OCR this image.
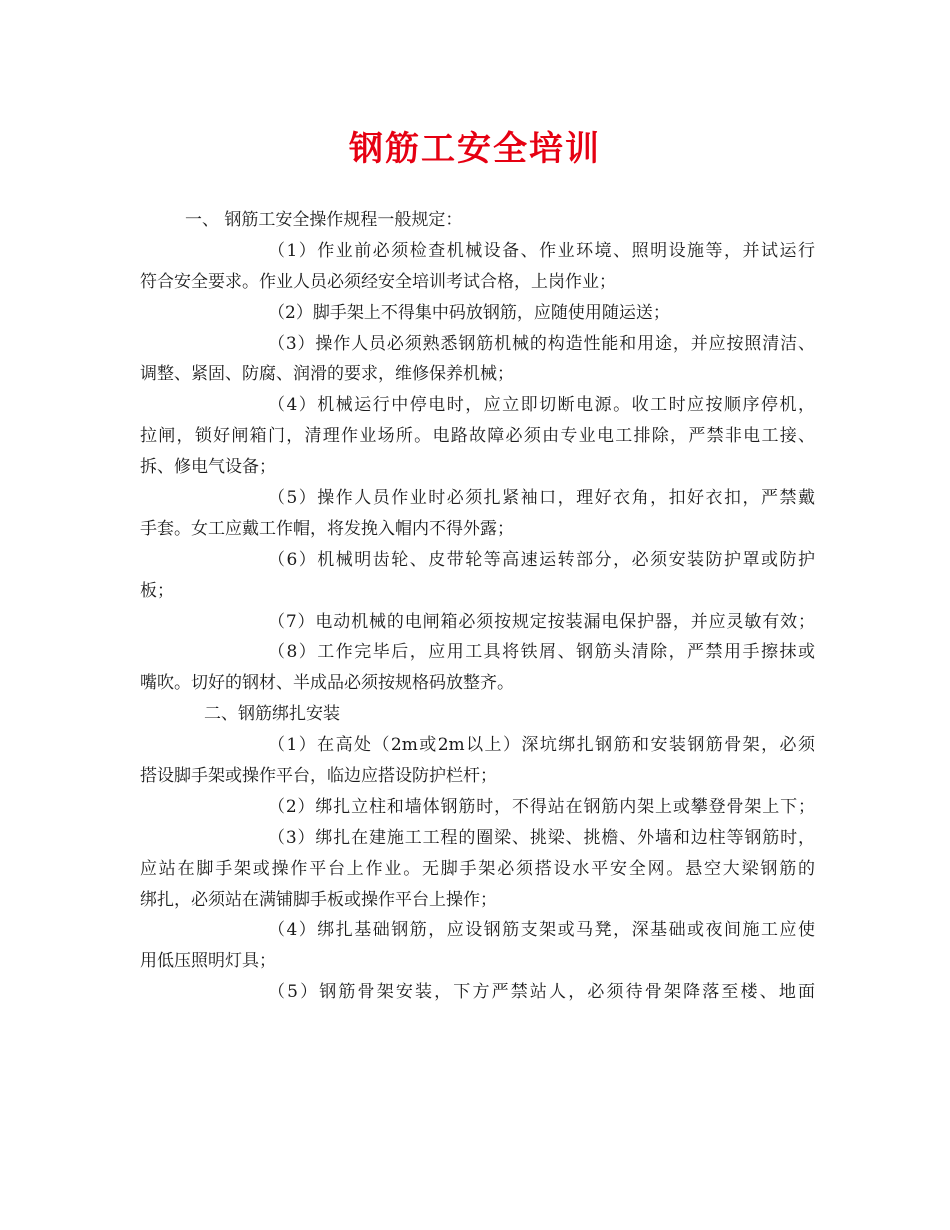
钢筋工安全培训
一、 钢筋工安全操作规程一般规定：
（1）作业前必须检查机械设备、作业环境、照明设施等，并试运行
符合安全要求。作业人员必须经安全培训考试合格，上岗作业；
（2）脚手架上不得集中码放钢筋，应随使用随运送；
（3）操作人员必须熟悉钢筋机械的构造性能和用途，并应按照清洁、
调整、紧固、防腐、润滑的要求，维修保养机械；
（4）机械运行中停电时，应立即切断电源。收工时应按顺序停机，
拉闸，锁好闸箱门，清理作业场所。电路故障必须由专业电工排除，严禁非电工接、
拆、修电气设备；
（5）操作人员作业时必须扎紧袖口，理好衣角，扣好衣扣，严禁戴
手套。女工应戴工作帽，将发挽入帽内不得外露；
（6）机械明齿轮、皮带轮等高速运转部分，必须安装防护罩或防护
板；
（7）电动机械的电闸箱必须按规定按装漏电保护器，并应灵敏有效；
（8）工作完毕后，应用工具将铁屑、钢筋头清除，严禁用手擦抹或
嘴吹。切好的钢材、半成品必须按规格码放整齐。
二、钢筋绑扎安装
（1）在高处（2m或2m以上）深坑绑扎钢筋和安装钢筋骨架，必须
搭设脚手架或操作平台，临边应搭设防护栏杆；
（2）绑扎立柱和墙体钢筋时，不得站在钢筋内架上或攀登骨架上下；
（3）绑扎在建施工工程的圈梁、挑梁、挑檐、外墙和边柱等钢筋时，
应站在脚手架或操作平台上作业。无脚手架必须搭设水平安全网。悬空大梁钢筋的
绑扎，必须站在满铺脚手板或操作平台上操作；
（4）绑扎基础钢筋，应设钢筋支架或马凳，深基础或夜间施工应使
用低压照明灯具；
（5）钢筋骨架安装，下方严禁站人，必须待骨架降落至楼、地面
